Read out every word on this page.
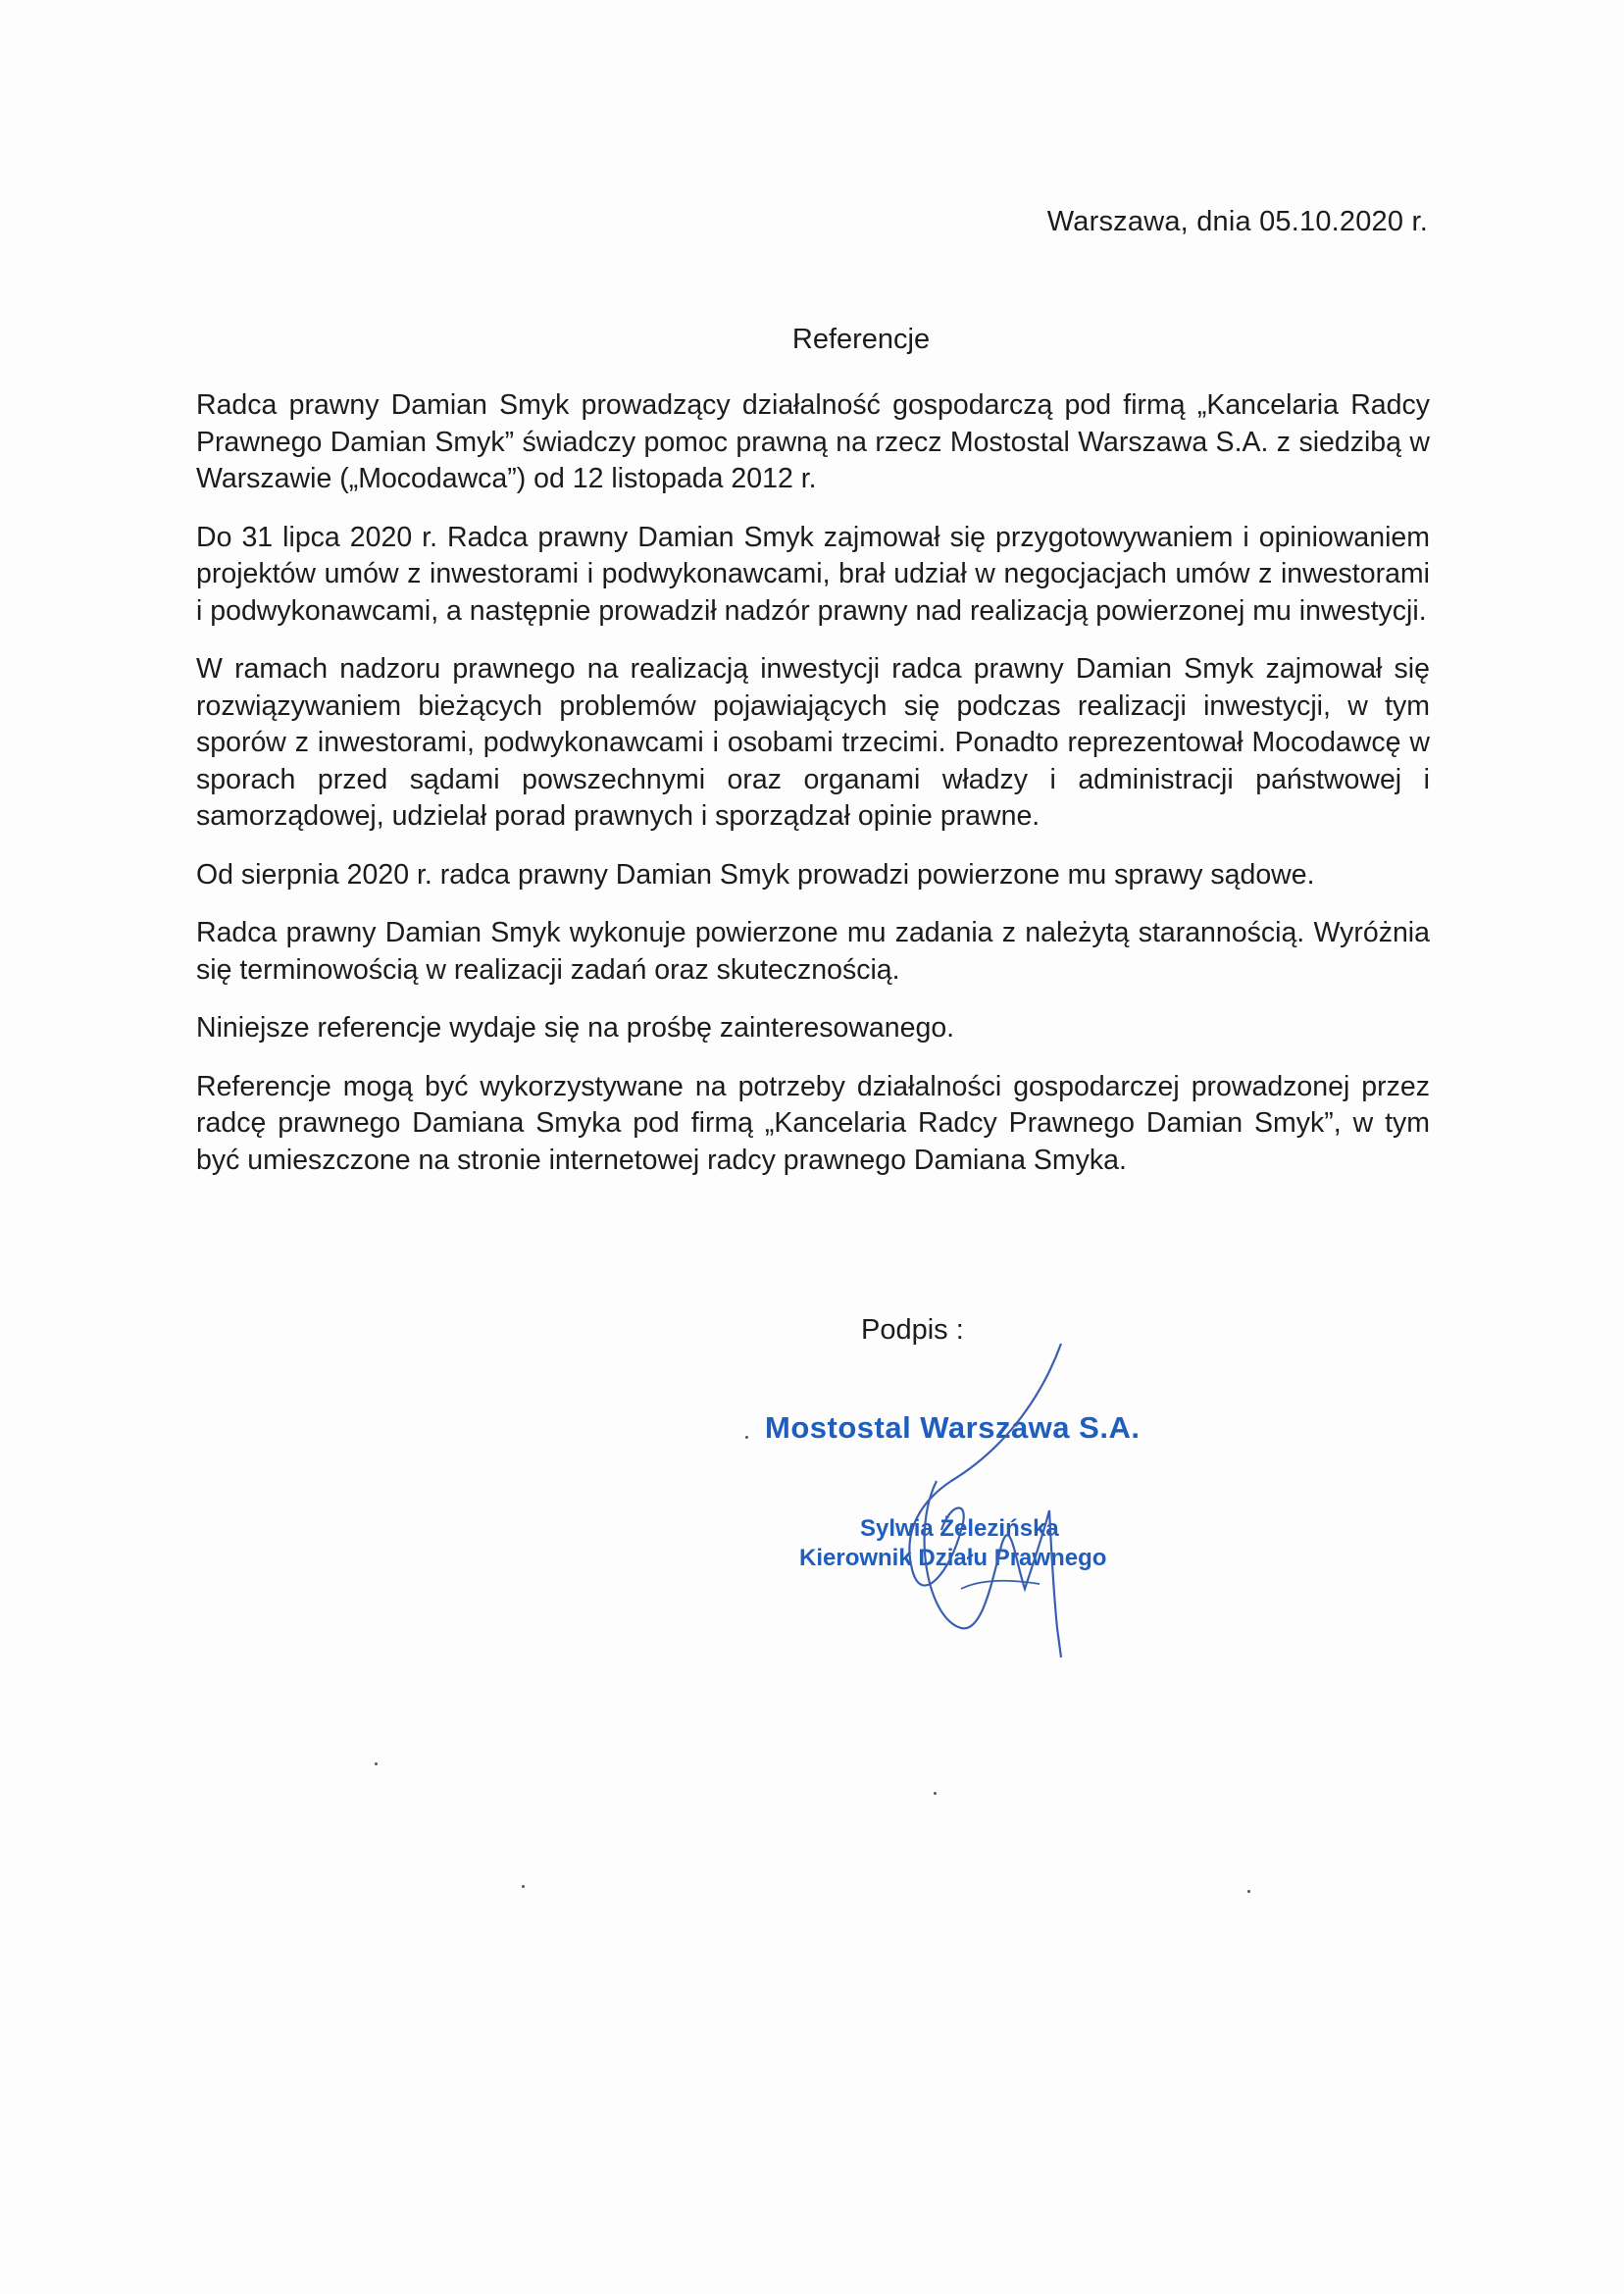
Warszawa, dnia 05.10.2020 r.
Referencje

Radca prawny Damian Smyk prowadzący działalność gospodarczą pod firmą „Kancelaria Radcy Prawnego Damian Smyk” świadczy pomoc prawną na rzecz Mostostal Warszawa S.A. z siedzibą w Warszawie („Mocodawca”) od 12 listopada 2012 r.

Do 31 lipca 2020 r. Radca prawny Damian Smyk zajmował się przygotowywaniem i opiniowaniem projektów umów z inwestorami i podwykonawcami, brał udział w negocjacjach umów z inwestorami i podwykonawcami, a następnie prowadził nadzór prawny nad realizacją powierzonej mu inwestycji.

W ramach nadzoru prawnego na realizacją inwestycji radca prawny Damian Smyk zajmował się rozwiązywaniem bieżących problemów pojawiających się podczas realizacji inwestycji, w tym sporów z inwestorami, podwykonawcami i osobami trzecimi. Ponadto reprezentował Mocodawcę w sporach przed sądami powszechnymi oraz organami władzy i administracji państwowej i samorządowej, udzielał porad prawnych i sporządzał opinie prawne.

Od sierpnia 2020 r. radca prawny Damian Smyk prowadzi powierzone mu sprawy sądowe.

Radca prawny Damian Smyk wykonuje powierzone mu zadania z należytą starannością. Wyróżnia się terminowością w realizacji zadań oraz skutecznością.

Niniejsze referencje wydaje się na prośbę zainteresowanego.

Referencje mogą być wykorzystywane na potrzeby działalności gospodarczej prowadzonej przez radcę prawnego Damiana Smyka pod firmą „Kancelaria Radcy Prawnego Damian Smyk”, w tym być umieszczone na stronie internetowej radcy prawnego Damiana Smyka.

Podpis :
Mostostal Warszawa S.A.
Sylwia Żelezińska
Kierownik Działu Prawnego
